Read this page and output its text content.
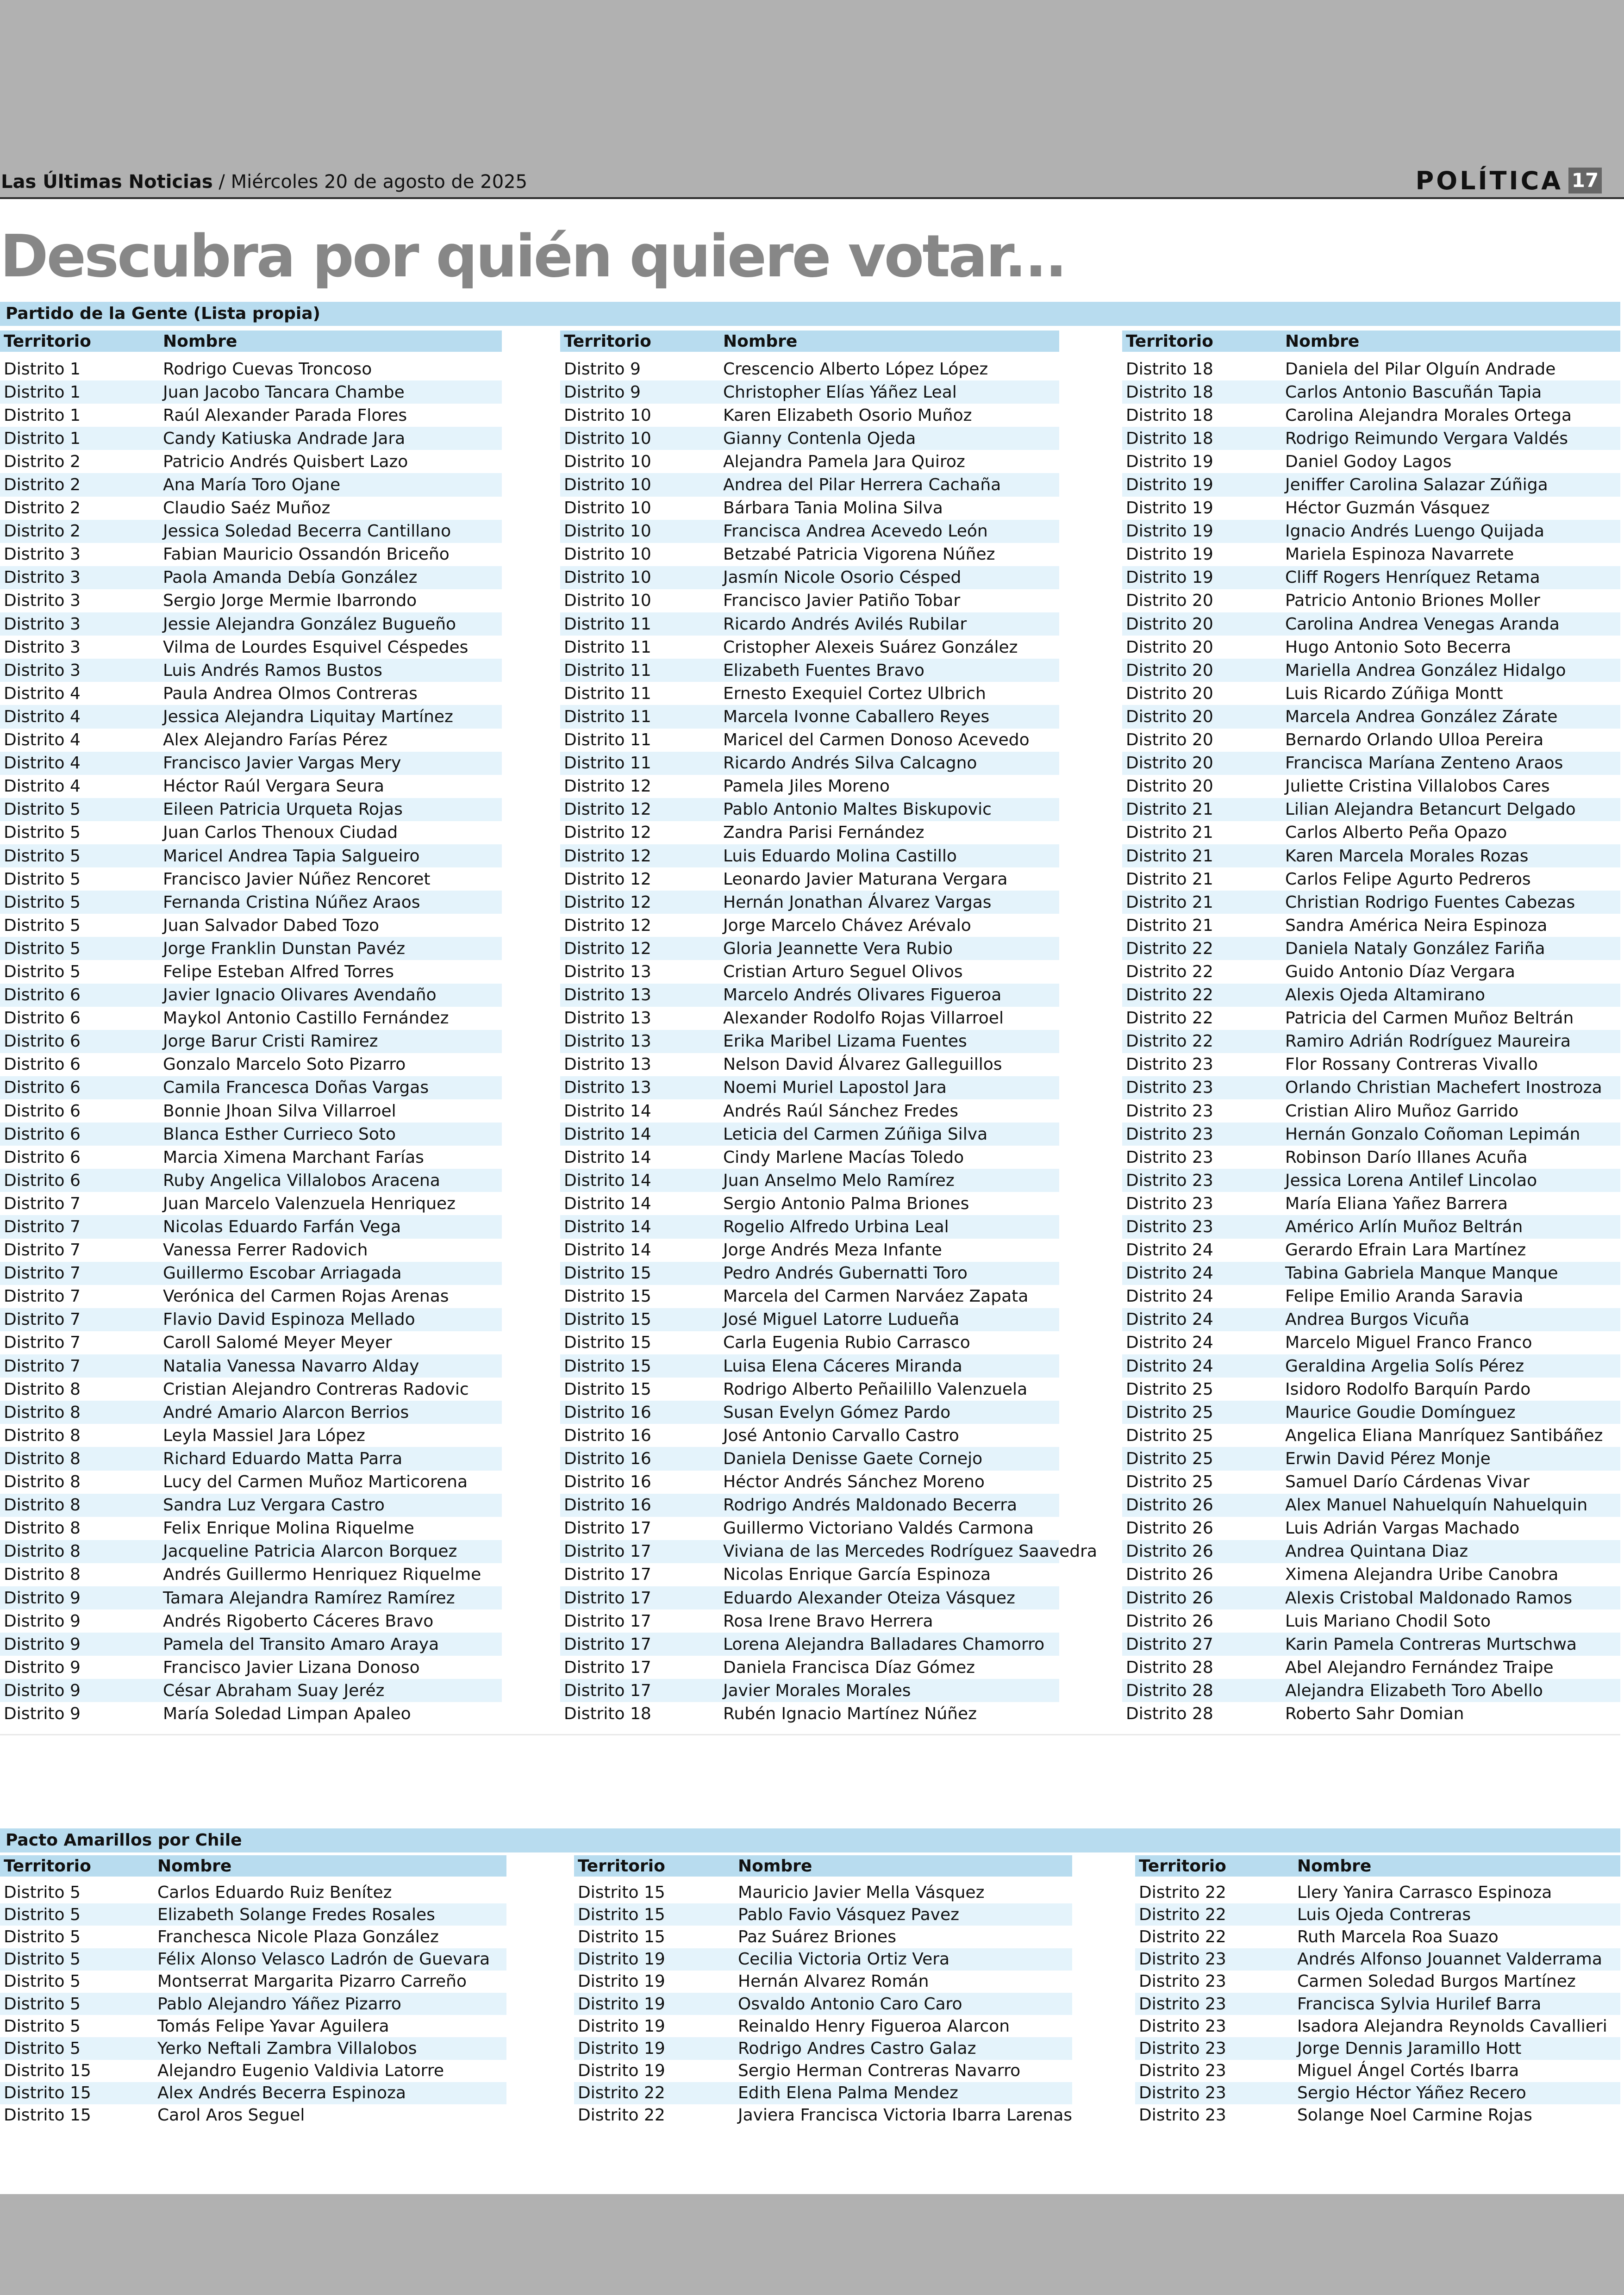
Las Últimas Noticias / Miércoles 20 de agosto de 2025	POLÍTICA 17
Descubra por quién quiere votar...
Partido de la Gente (Lista propia)
Territorio	Nombre
Distrito 1	Rodrigo Cuevas Troncoso
Distrito 1	Juan Jacobo Tancara Chambe
Distrito 1	Raúl Alexander Parada Flores
Distrito 1	Candy Katiuska Andrade Jara
Distrito 2	Patricio Andrés Quisbert Lazo
Distrito 2	Ana María Toro Ojane
Distrito 2	Claudio Saéz Muñoz
Distrito 2	Jessica Soledad Becerra Cantillano
Distrito 3	Fabian Mauricio Ossandón Briceño
Distrito 3	Paola Amanda Debía González
Distrito 3	Sergio Jorge Mermie Ibarrondo
Distrito 3	Jessie Alejandra González Bugueño
Distrito 3	Vilma de Lourdes Esquivel Céspedes
Distrito 3	Luis Andrés Ramos Bustos
Distrito 4	Paula Andrea Olmos Contreras
Distrito 4	Jessica Alejandra Liquitay Martínez
Distrito 4	Alex Alejandro Farías Pérez
Distrito 4	Francisco Javier Vargas Mery
Distrito 4	Héctor Raúl Vergara Seura
Distrito 5	Eileen Patricia Urqueta Rojas
Distrito 5	Juan Carlos Thenoux Ciudad
Distrito 5	Maricel Andrea Tapia Salgueiro
Distrito 5	Francisco Javier Núñez Rencoret
Distrito 5	Fernanda Cristina Núñez Araos
Distrito 5	Juan Salvador Dabed Tozo
Distrito 5	Jorge Franklin Dunstan Pavéz
Distrito 5	Felipe Esteban Alfred Torres
Distrito 6	Javier Ignacio Olivares Avendaño
Distrito 6	Maykol Antonio Castillo Fernández
Distrito 6	Jorge Barur Cristi Ramirez
Distrito 6	Gonzalo Marcelo Soto Pizarro
Distrito 6	Camila Francesca Doñas Vargas
Distrito 6	Bonnie Jhoan Silva Villarroel
Distrito 6	Blanca Esther Currieco Soto
Distrito 6	Marcia Ximena Marchant Farías
Distrito 6	Ruby Angelica Villalobos Aracena
Distrito 7	Juan Marcelo Valenzuela Henriquez
Distrito 7	Nicolas Eduardo Farfán Vega
Distrito 7	Vanessa Ferrer Radovich
Distrito 7	Guillermo Escobar Arriagada
Distrito 7	Verónica del Carmen Rojas Arenas
Distrito 7	Flavio David Espinoza Mellado
Distrito 7	Caroll Salomé Meyer Meyer
Distrito 7	Natalia Vanessa Navarro Alday
Distrito 8	Cristian Alejandro Contreras Radovic
Distrito 8	André Amario Alarcon Berrios
Distrito 8	Leyla Massiel Jara López
Distrito 8	Richard Eduardo Matta Parra
Distrito 8	Lucy del Carmen Muñoz Marticorena
Distrito 8	Sandra Luz Vergara Castro
Distrito 8	Felix Enrique Molina Riquelme
Distrito 8	Jacqueline Patricia Alarcon Borquez
Distrito 8	Andrés Guillermo Henriquez Riquelme
Distrito 9	Tamara Alejandra Ramírez Ramírez
Distrito 9	Andrés Rigoberto Cáceres Bravo
Distrito 9	Pamela del Transito Amaro Araya
Distrito 9	Francisco Javier Lizana Donoso
Distrito 9	César Abraham Suay Jeréz
Distrito 9	María Soledad Limpan Apaleo
Territorio	Nombre
Distrito 9	Crescencio Alberto López López
Distrito 9	Christopher Elías Yáñez Leal
Distrito 10	Karen Elizabeth Osorio Muñoz
Distrito 10	Gianny Contenla Ojeda
Distrito 10	Alejandra Pamela Jara Quiroz
Distrito 10	Andrea del Pilar Herrera Cachaña
Distrito 10	Bárbara Tania Molina Silva
Distrito 10	Francisca Andrea Acevedo León
Distrito 10	Betzabé Patricia Vigorena Núñez
Distrito 10	Jasmín Nicole Osorio Césped
Distrito 10	Francisco Javier Patiño Tobar
Distrito 11	Ricardo Andrés Avilés Rubilar
Distrito 11	Cristopher Alexeis Suárez González
Distrito 11	Elizabeth Fuentes Bravo
Distrito 11	Ernesto Exequiel Cortez Ulbrich
Distrito 11	Marcela Ivonne Caballero Reyes
Distrito 11	Maricel del Carmen Donoso Acevedo
Distrito 11	Ricardo Andrés Silva Calcagno
Distrito 12	Pamela Jiles Moreno
Distrito 12	Pablo Antonio Maltes Biskupovic
Distrito 12	Zandra Parisi Fernández
Distrito 12	Luis Eduardo Molina Castillo
Distrito 12	Leonardo Javier Maturana Vergara
Distrito 12	Hernán Jonathan Álvarez Vargas
Distrito 12	Jorge Marcelo Chávez Arévalo
Distrito 12	Gloria Jeannette Vera Rubio
Distrito 13	Cristian Arturo Seguel Olivos
Distrito 13	Marcelo Andrés Olivares Figueroa
Distrito 13	Alexander Rodolfo Rojas Villarroel
Distrito 13	Erika Maribel Lizama Fuentes
Distrito 13	Nelson David Álvarez Galleguillos
Distrito 13	Noemi Muriel Lapostol Jara
Distrito 14	Andrés Raúl Sánchez Fredes
Distrito 14	Leticia del Carmen Zúñiga Silva
Distrito 14	Cindy Marlene Macías Toledo
Distrito 14	Juan Anselmo Melo Ramírez
Distrito 14	Sergio Antonio Palma Briones
Distrito 14	Rogelio Alfredo Urbina Leal
Distrito 14	Jorge Andrés Meza Infante
Distrito 15	Pedro Andrés Gubernatti Toro
Distrito 15	Marcela del Carmen Narváez Zapata
Distrito 15	José Miguel Latorre Ludueña
Distrito 15	Carla Eugenia Rubio Carrasco
Distrito 15	Luisa Elena Cáceres Miranda
Distrito 15	Rodrigo Alberto Peñailillo Valenzuela
Distrito 16	Susan Evelyn Gómez Pardo
Distrito 16	José Antonio Carvallo Castro
Distrito 16	Daniela Denisse Gaete Cornejo
Distrito 16	Héctor Andrés Sánchez Moreno
Distrito 16	Rodrigo Andrés Maldonado Becerra
Distrito 17	Guillermo Victoriano Valdés Carmona
Distrito 17	Viviana de las Mercedes Rodríguez Saavedra
Distrito 17	Nicolas Enrique García Espinoza
Distrito 17	Eduardo Alexander Oteiza Vásquez
Distrito 17	Rosa Irene Bravo Herrera
Distrito 17	Lorena Alejandra Balladares Chamorro
Distrito 17	Daniela Francisca Díaz Gómez
Distrito 17	Javier Morales Morales
Distrito 18	Rubén Ignacio Martínez Núñez
Territorio	Nombre
Distrito 18	Daniela del Pilar Olguín Andrade
Distrito 18	Carlos Antonio Bascuñán Tapia
Distrito 18	Carolina Alejandra Morales Ortega
Distrito 18	Rodrigo Reimundo Vergara Valdés
Distrito 19	Daniel Godoy Lagos
Distrito 19	Jeniffer Carolina Salazar Zúñiga
Distrito 19	Héctor Guzmán Vásquez
Distrito 19	Ignacio Andrés Luengo Quijada
Distrito 19	Mariela Espinoza Navarrete
Distrito 19	Cliff Rogers Henríquez Retama
Distrito 20	Patricio Antonio Briones Moller
Distrito 20	Carolina Andrea Venegas Aranda
Distrito 20	Hugo Antonio Soto Becerra
Distrito 20	Mariella Andrea González Hidalgo
Distrito 20	Luis Ricardo Zúñiga Montt
Distrito 20	Marcela Andrea González Zárate
Distrito 20	Bernardo Orlando Ulloa Pereira
Distrito 20	Francisca Maríana Zenteno Araos
Distrito 20	Juliette Cristina Villalobos Cares
Distrito 21	Lilian Alejandra Betancurt Delgado
Distrito 21	Carlos Alberto Peña Opazo
Distrito 21	Karen Marcela Morales Rozas
Distrito 21	Carlos Felipe Agurto Pedreros
Distrito 21	Christian Rodrigo Fuentes Cabezas
Distrito 21	Sandra América Neira Espinoza
Distrito 22	Daniela Nataly González Fariña
Distrito 22	Guido Antonio Díaz Vergara
Distrito 22	Alexis Ojeda Altamirano
Distrito 22	Patricia del Carmen Muñoz Beltrán
Distrito 22	Ramiro Adrián Rodríguez Maureira
Distrito 23	Flor Rossany Contreras Vivallo
Distrito 23	Orlando Christian Machefert Inostroza
Distrito 23	Cristian Aliro Muñoz Garrido
Distrito 23	Hernán Gonzalo Coñoman Lepimán
Distrito 23	Robinson Darío Illanes Acuña
Distrito 23	Jessica Lorena Antilef Lincolao
Distrito 23	María Eliana Yañez Barrera
Distrito 23	Américo Arlín Muñoz Beltrán
Distrito 24	Gerardo Efrain Lara Martínez
Distrito 24	Tabina Gabriela Manque Manque
Distrito 24	Felipe Emilio Aranda Saravia
Distrito 24	Andrea Burgos Vicuña
Distrito 24	Marcelo Miguel Franco Franco
Distrito 24	Geraldina Argelia Solís Pérez
Distrito 25	Isidoro Rodolfo Barquín Pardo
Distrito 25	Maurice Goudie Domínguez
Distrito 25	Angelica Eliana Manríquez Santibáñez
Distrito 25	Erwin David Pérez Monje
Distrito 25	Samuel Darío Cárdenas Vivar
Distrito 26	Alex Manuel Nahuelquín Nahuelquin
Distrito 26	Luis Adrián Vargas Machado
Distrito 26	Andrea Quintana Diaz
Distrito 26	Ximena Alejandra Uribe Canobra
Distrito 26	Alexis Cristobal Maldonado Ramos
Distrito 26	Luis Mariano Chodil Soto
Distrito 27	Karin Pamela Contreras Murtschwa
Distrito 28	Abel Alejandro Fernández Traipe
Distrito 28	Alejandra Elizabeth Toro Abello
Distrito 28	Roberto Sahr Domian
Pacto Amarillos por Chile
Territorio	Nombre
Distrito 5	Carlos Eduardo Ruiz Benítez
Distrito 5	Elizabeth Solange Fredes Rosales
Distrito 5	Franchesca Nicole Plaza González
Distrito 5	Félix Alonso Velasco Ladrón de Guevara
Distrito 5	Montserrat Margarita Pizarro Carreño
Distrito 5	Pablo Alejandro Yáñez Pizarro
Distrito 5	Tomás Felipe Yavar Aguilera
Distrito 5	Yerko Neftali Zambra Villalobos
Distrito 15	Alejandro Eugenio Valdivia Latorre
Distrito 15	Alex Andrés Becerra Espinoza
Distrito 15	Carol Aros Seguel
Territorio	Nombre
Distrito 15	Mauricio Javier Mella Vásquez
Distrito 15	Pablo Favio Vásquez Pavez
Distrito 15	Paz Suárez Briones
Distrito 19	Cecilia Victoria Ortiz Vera
Distrito 19	Hernán Alvarez Román
Distrito 19	Osvaldo Antonio Caro Caro
Distrito 19	Reinaldo Henry Figueroa Alarcon
Distrito 19	Rodrigo Andres Castro Galaz
Distrito 19	Sergio Herman Contreras Navarro
Distrito 22	Edith Elena Palma Mendez
Distrito 22	Javiera Francisca Victoria Ibarra Larenas
Territorio	Nombre
Distrito 22	Llery Yanira Carrasco Espinoza
Distrito 22	Luis Ojeda Contreras
Distrito 22	Ruth Marcela Roa Suazo
Distrito 23	Andrés Alfonso Jouannet Valderrama
Distrito 23	Carmen Soledad Burgos Martínez
Distrito 23	Francisca Sylvia Hurilef Barra
Distrito 23	Isadora Alejandra Reynolds Cavallieri
Distrito 23	Jorge Dennis Jaramillo Hott
Distrito 23	Miguel Ángel Cortés Ibarra
Distrito 23	Sergio Héctor Yáñez Recero
Distrito 23	Solange Noel Carmine Rojas
